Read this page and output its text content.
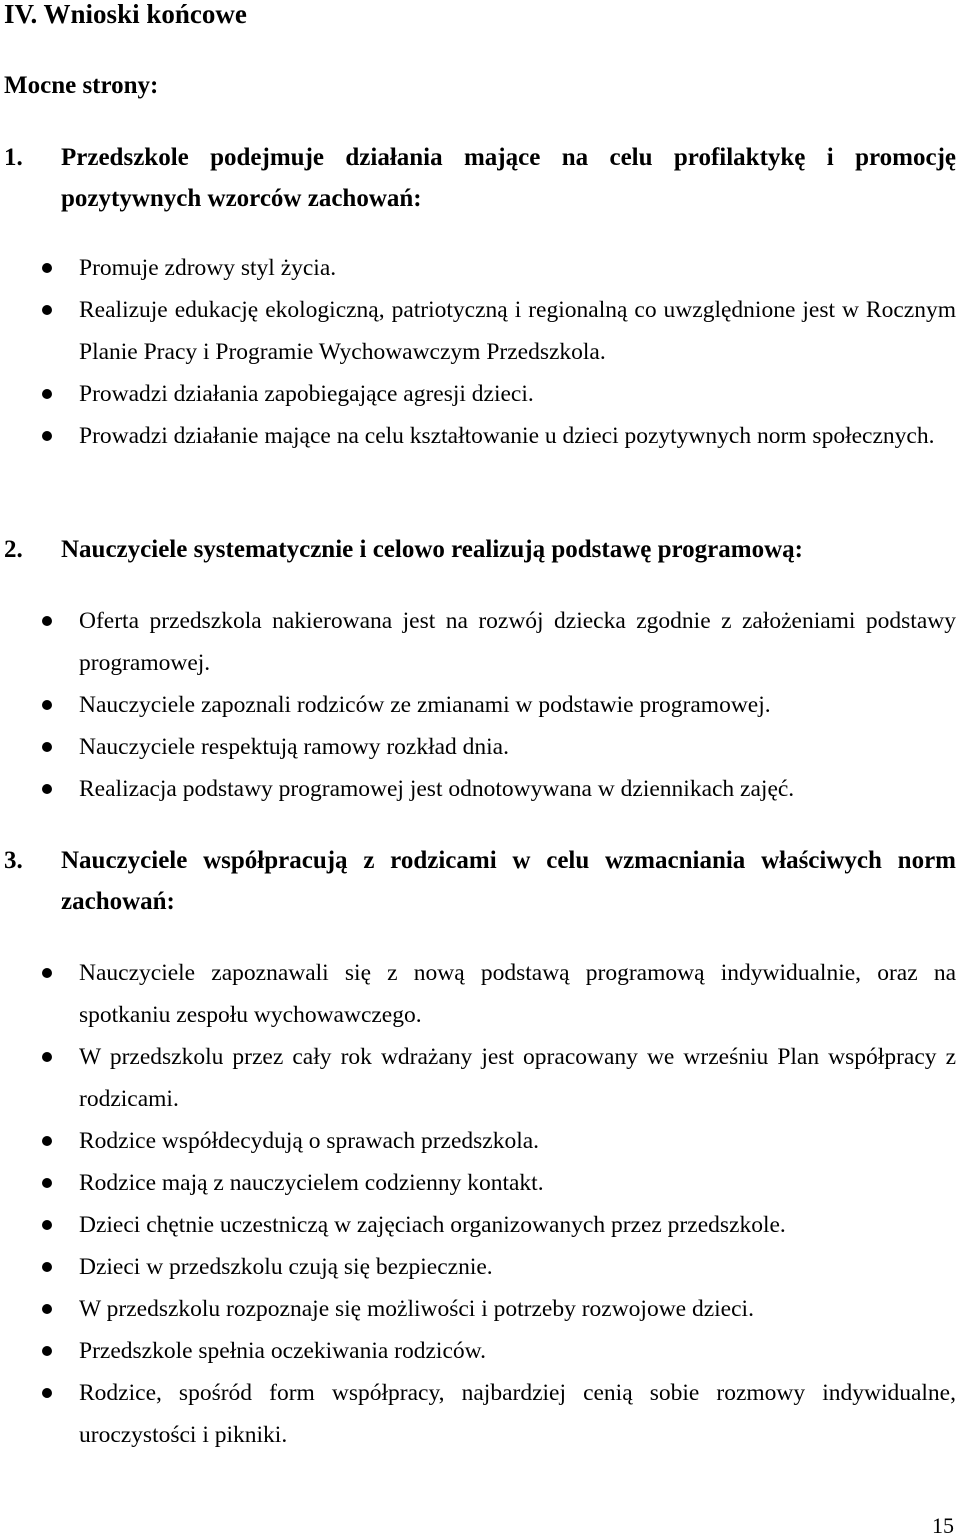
IV. Wnioski końcowe
Mocne strony:
1. Przedszkole podejmuje działania mające na celu profilaktykę i promocję pozytywnych wzorców zachowań:
Promuje zdrowy styl życia.
Realizuje edukację ekologiczną, patriotyczną i regionalną co uwzględnione jest w Rocznym Planie Pracy i Programie Wychowawczym Przedszkola.
Prowadzi działania zapobiegające agresji dzieci.
Prowadzi działanie mające na celu kształtowanie u dzieci pozytywnych norm społecznych.
2. Nauczyciele systematycznie i celowo realizują podstawę programową:
Oferta przedszkola nakierowana jest na rozwój dziecka zgodnie z założeniami podstawy programowej.
Nauczyciele zapoznali rodziców ze zmianami w podstawie programowej.
Nauczyciele respektują ramowy rozkład dnia.
Realizacja podstawy programowej jest odnotowywana w dziennikach zajęć.
3. Nauczyciele współpracują z rodzicami w celu wzmacniania właściwych norm zachowań:
Nauczyciele zapoznawali się z nową podstawą programową indywidualnie, oraz na spotkaniu zespołu wychowawczego.
W przedszkolu przez cały rok wdrażany jest opracowany we wrześniu Plan współpracy z rodzicami.
Rodzice współdecydują o sprawach przedszkola.
Rodzice mają z nauczycielem codzienny kontakt.
Dzieci chętnie uczestniczą w zajęciach organizowanych przez przedszkole.
Dzieci w przedszkolu czują się bezpiecznie.
W przedszkolu rozpoznaje się możliwości i potrzeby rozwojowe dzieci.
Przedszkole spełnia oczekiwania rodziców.
Rodzice, spośród form współpracy, najbardziej cenią sobie rozmowy indywidualne, uroczystości i pikniki.
15
